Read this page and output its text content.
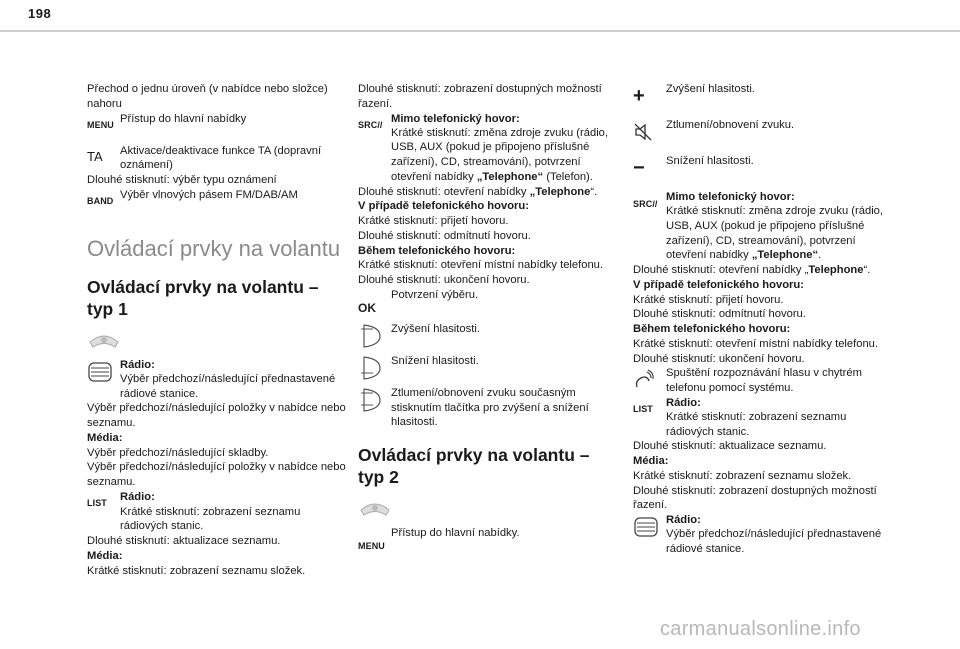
198

Přechod o jednu úroveň (v nabídce nebo složce) nahoru

MENU
Přístup do hlavní nabídky
TA Aktivace/deaktivace funkce TA (dopravní oznámení)

Dlouhé stisknutí: výběr typu oznámení

BAND
Výběr vlnových pásem FM/DAB/AM
Ovládací prvky na volantu
Ovládací prvky na volantu – typ 1
Rádio:
Výběr předchozí/následující přednastavené rádiové stanice.

Výběr předchozí/následující položky v nabídce nebo seznamu.

Média:

Výběr předchozí/následující skladby.

Výběr předchozí/následující položky v nabídce nebo seznamu.

LIST
Rádio:
Krátké stisknutí: zobrazení seznamu rádiových stanic.

Dlouhé stisknutí: aktualizace seznamu.

Média:

Krátké stisknutí: zobrazení seznamu složek.

Dlouhé stisknutí: zobrazení dostupných možností řazení.

SRC //
Mimo telefonický hovor:
Krátké stisknutí: změna zdroje zvuku (rádio, USB, AUX (pokud je připojeno příslušné zařízení), CD, streamování), potvrzení otevření nabídky „Telephone“ (Telefon).

Dlouhé stisknutí: otevření nabídky „Telephone“.

V případě telefonického hovoru:

Krátké stisknutí: přijetí hovoru.

Dlouhé stisknutí: odmítnutí hovoru.

Během telefonického hovoru:

Krátké stisknutí: otevření místní nabídky telefonu.

Dlouhé stisknutí: ukončení hovoru.

OK
Potvrzení výběru.
Zvýšení hlasitosti.
Snížení hlasitosti.
Ztlumení/obnovení zvuku současným stisknutím tlačítka pro zvýšení a snížení hlasitosti.
Ovládací prvky na volantu – typ 2
MENU
Přístup do hlavní nabídky.
+ Zvýšení hlasitosti.
Ztlumení/obnovení zvuku.
− Snížení hlasitosti.
SRC //
Mimo telefonický hovor:
Krátké stisknutí: změna zdroje zvuku (rádio, USB, AUX (pokud je připojeno příslušné zařízení), CD, streamování), potvrzení otevření nabídky „Telephone“.

Dlouhé stisknutí: otevření nabídky „Telephone“.

V případě telefonického hovoru:

Krátké stisknutí: přijetí hovoru.

Dlouhé stisknutí: odmítnutí hovoru.

Během telefonického hovoru:

Krátké stisknutí: otevření místní nabídky telefonu.

Dlouhé stisknutí: ukončení hovoru.

Spuštění rozpoznávání hlasu v chytrém telefonu pomocí systému.
LIST
Rádio:
Krátké stisknutí: zobrazení seznamu rádiových stanic.

Dlouhé stisknutí: aktualizace seznamu.

Média:

Krátké stisknutí: zobrazení seznamu složek.

Dlouhé stisknutí: zobrazení dostupných možností řazení.

Rádio:
Výběr předchozí/následující přednastavené rádiové stanice.
carmanualsonline.info
